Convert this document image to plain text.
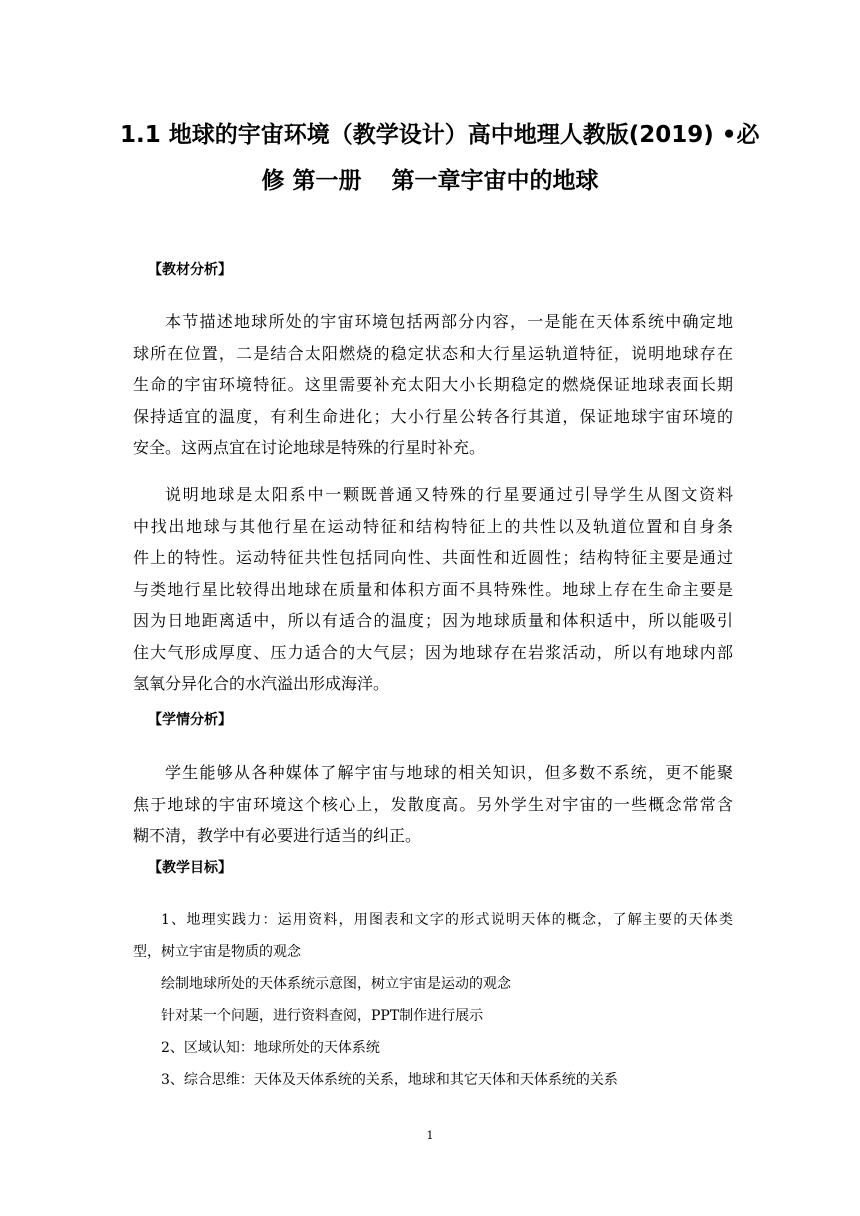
1.1 地球的宇宙环境（教学设计）高中地理人教版(2019) •必
修 第一册 第一章宇宙中的地球
【教材分析】
本节描述地球所处的宇宙环境包括两部分内容，一是能在天体系统中确定地
球所在位置，二是结合太阳燃烧的稳定状态和大行星运轨道特征，说明地球存在
生命的宇宙环境特征。这里需要补充太阳大小长期稳定的燃烧保证地球表面长期
保持适宜的温度，有利生命进化；大小行星公转各行其道，保证地球宇宙环境的
安全。这两点宜在讨论地球是特殊的行星时补充。
说明地球是太阳系中一颗既普通又特殊的行星要通过引导学生从图文资料
中找出地球与其他行星在运动特征和结构特征上的共性以及轨道位置和自身条
件上的特性。运动特征共性包括同向性、共面性和近圆性；结构特征主要是通过
与类地行星比较得出地球在质量和体积方面不具特殊性。地球上存在生命主要是
因为日地距离适中，所以有适合的温度；因为地球质量和体积适中，所以能吸引
住大气形成厚度、压力适合的大气层；因为地球存在岩浆活动，所以有地球内部
氢氧分异化合的水汽溢出形成海洋。
【学情分析】
学生能够从各种媒体了解宇宙与地球的相关知识，但多数不系统，更不能聚
焦于地球的宇宙环境这个核心上，发散度高。另外学生对宇宙的一些概念常常含
糊不清，教学中有必要进行适当的纠正。
【教学目标】
1、地理实践力：运用资料，用图表和文字的形式说明天体的概念，了解主要的天体类
型，树立宇宙是物质的观念
绘制地球所处的天体系统示意图，树立宇宙是运动的观念
针对某一个问题，进行资料查阅，PPT制作进行展示
2、区域认知：地球所处的天体系统
3、综合思维：天体及天体系统的关系，地球和其它天体和天体系统的关系
1
